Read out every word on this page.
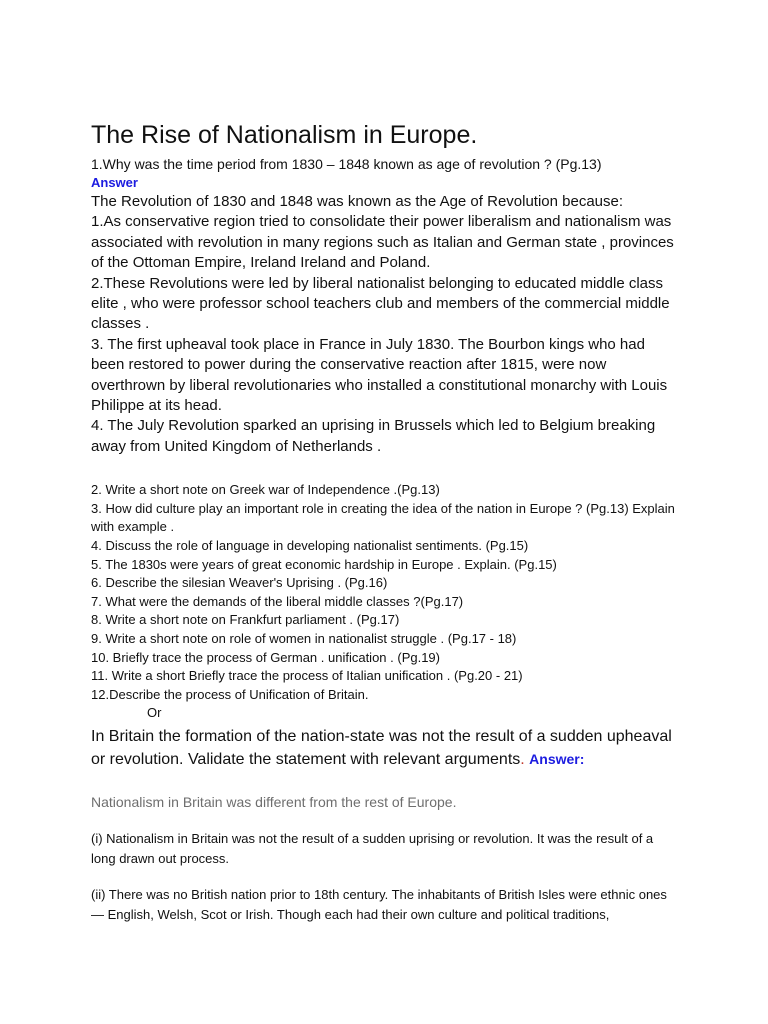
The Rise of Nationalism in Europe.

1.Why was the time period from 1830 – 1848 known as age of revolution ? (Pg.13)

Answer

The Revolution of 1830 and 1848 was known as the Age of Revolution because:

1.As conservative region tried to consolidate their power liberalism and nationalism was associated with revolution in many regions such as Italian and German state , provinces of the Ottoman Empire, Ireland Ireland and Poland.

2.These Revolutions were led by liberal nationalist belonging to educated middle class elite , who were professor school teachers club and members of the commercial middle classes .

3. The first upheaval took place in France in July 1830. The Bourbon kings who had been restored to power during the conservative reaction after 1815, were now overthrown by liberal revolutionaries who installed a constitutional monarchy with Louis Philippe at its head.

4. The July Revolution sparked an uprising in Brussels which led to Belgium breaking away from United Kingdom of Netherlands .

2. Write a short note on Greek war of Independence .(Pg.13)

3. How did culture play an important role in creating the idea of the nation in Europe ? (Pg.13) Explain with example .

4. Discuss the role of language in developing nationalist sentiments. (Pg.15)

5. The 1830s were years of great economic hardship in Europe . Explain. (Pg.15)

6. Describe the silesian Weaver's Uprising . (Pg.16)

7. What were the demands of the liberal middle classes ?(Pg.17)

8. Write a short note on Frankfurt parliament . (Pg.17)

9. Write a short note on role of women in nationalist struggle . (Pg.17 - 18)

10. Briefly trace the process of German . unification . (Pg.19)

11. Write a short Briefly trace the process of Italian unification . (Pg.20 - 21)

12.Describe the process of Unification of Britain.

Or

In Britain the formation of the nation-state was not the result of a sudden upheaval or revolution. Validate the statement with relevant arguments. Answer:
Nationalism in Britain was different from the rest of Europe.
(i) Nationalism in Britain was not the result of a sudden uprising or revolution. It was the result of a long drawn out process.
(ii) There was no British nation prior to 18th century. The inhabitants of British Isles were ethnic ones — English, Welsh, Scot or Irish. Though each had their own culture and political traditions,
